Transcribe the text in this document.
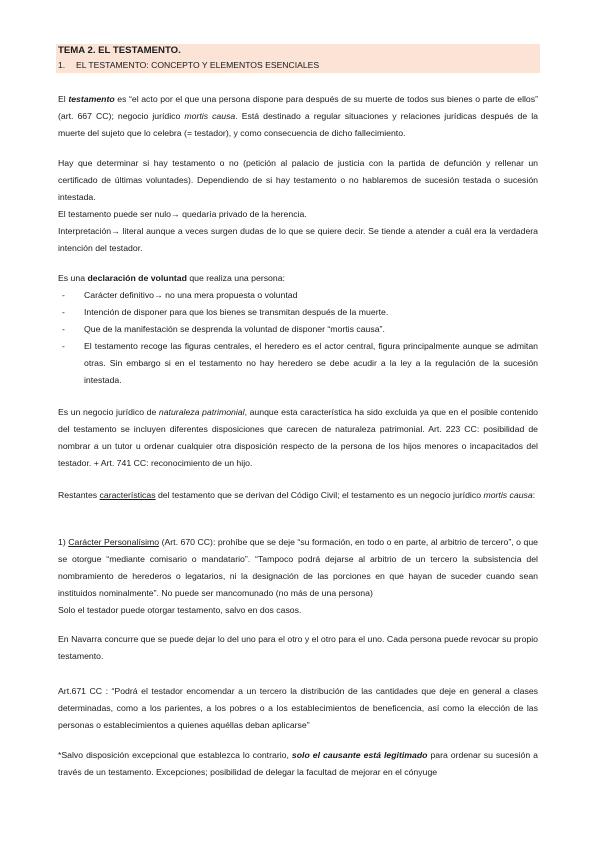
TEMA 2. EL TESTAMENTO.
1. EL TESTAMENTO: CONCEPTO Y ELEMENTOS ESENCIALES

El testamento es “el acto por el que una persona dispone para después de su muerte de todos sus bienes o parte de ellos” (art. 667 CC); negocio jurídico mortis causa. Está destinado a regular situaciones y relaciones jurídicas después de la muerte del sujeto que lo celebra (= testador), y como consecuencia de dicho fallecimiento.

Hay que determinar si hay testamento o no (petición al palacio de justicia con la partida de defunción y rellenar un certificado de últimas voluntades). Dependiendo de si hay testamento o no hablaremos de sucesión testada o sucesión intestada.

El testamento puede ser nulo→ quedaría privado de la herencia.

Interpretación→ literal aunque a veces surgen dudas de lo que se quiere decir. Se tiende a atender a cuál era la verdadera intención del testador.

Es una declaración de voluntad que realiza una persona:

- Carácter definitivo→ no una mera propuesta o voluntad
- Intención de disponer para que los bienes se transmitan después de la muerte.
- Que de la manifestación se desprenda la voluntad de disponer “mortis causa”.
- El testamento recoge las figuras centrales, el heredero es el actor central, figura principalmente aunque se admitan otras. Sin embargo si en el testamento no hay heredero se debe acudir a la ley a la regulación de la sucesión intestada.

Es un negocio jurídico de naturaleza patrimonial, aunque esta característica ha sido excluida ya que en el posible contenido del testamento se incluyen diferentes disposiciones que carecen de naturaleza patrimonial. Art. 223 CC: posibilidad de nombrar a un tutor u ordenar cualquier otra disposición respecto de la persona de los hijos menores o incapacitados del testador. + Art. 741 CC: reconocimiento de un hijo.

Restantes características del testamento que se derivan del Código Civil; el testamento es un negocio jurídico mortis causa:

1) Carácter Personalísimo (Art. 670 CC): prohíbe que se deje “su formación, en todo o en parte, al arbitrio de tercero”, o que se otorgue “mediante comisario o mandatario”. “Tampoco podrá dejarse al arbitrio de un tercero la subsistencia del nombramiento de herederos o legatarios, ni la designación de las porciones en que hayan de suceder cuando sean instituidos nominalmente”. No puede ser mancomunado (no más de una persona)

Solo el testador puede otorgar testamento, salvo en dos casos.

En Navarra concurre que se puede dejar lo del uno para el otro y el otro para el uno. Cada persona puede revocar su propio testamento.

Art.671 CC : “Podrá el testador encomendar a un tercero la distribución de las cantidades que deje en general a clases determinadas, como a los parientes, a los pobres o a los establecimientos de beneficencia, así como la elección de las personas o establecimientos a quienes aquéllas deban aplicarse”

*Salvo disposición excepcional que establezca lo contrario, solo el causante está legitimado para ordenar su sucesión a través de un testamento. Excepciones; posibilidad de delegar la facultad de mejorar en el cónyuge
